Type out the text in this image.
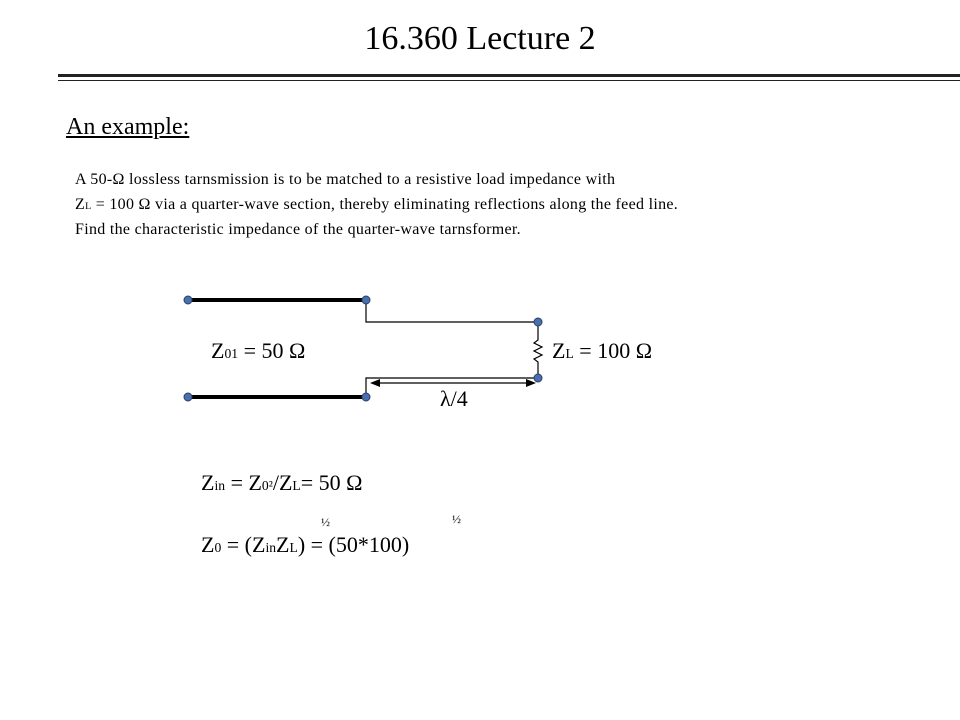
16.360 Lecture 2
An example:
A 50-Ω lossless tarnsmission is to be matched to a resistive load impedance with
ZL = 100 Ω via a quarter-wave section, thereby eliminating reflections along the feed line.
Find the characteristic impedance of the quarter-wave tarnsformer.
Z01 = 50 Ω	ZL = 100 Ω
λ/4
Zin = Z0²/ZL= 50 Ω
½	½
Z0 = (ZinZL) = (50*100)
